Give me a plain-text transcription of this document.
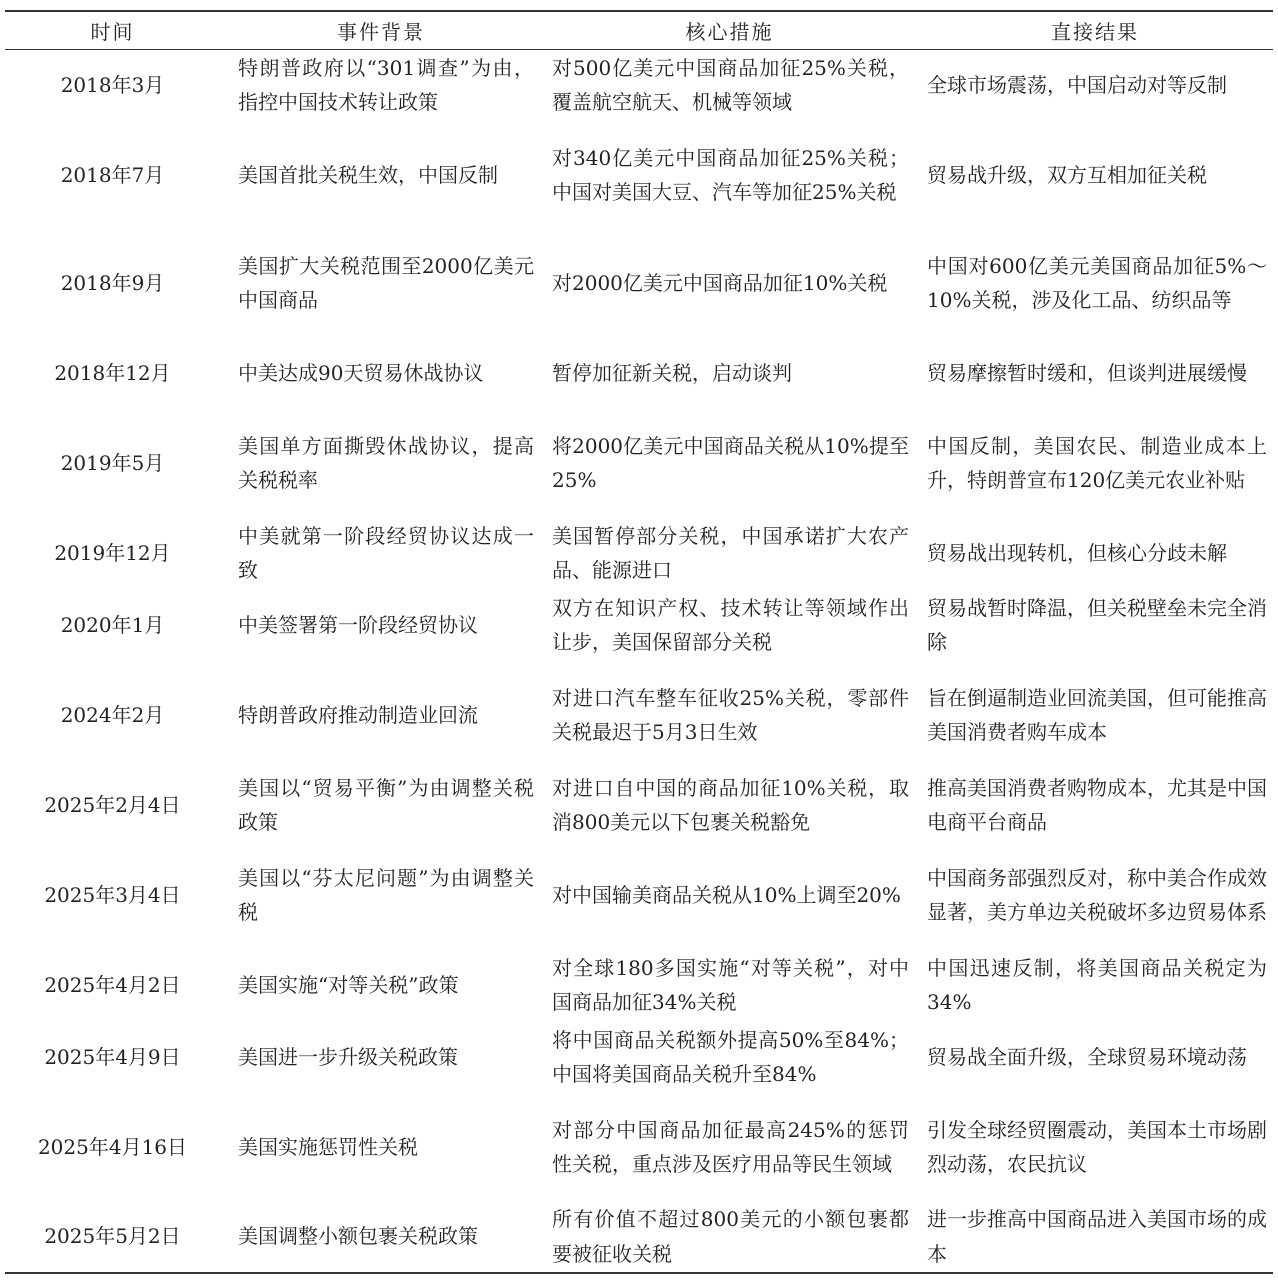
时间	事件背景	核心措施	直接结果
2018年3月	特朗普政府以“301调查”为由，指控中国技术转让政策	对500亿美元中国商品加征25%关税，覆盖航空航天、机械等领域	全球市场震荡，中国启动对等反制
2018年7月	美国首批关税生效，中国反制	对340亿美元中国商品加征25%关税；中国对美国大豆、汽车等加征25%关税	贸易战升级，双方互相加征关税
2018年9月	美国扩大关税范围至2000亿美元中国商品	对2000亿美元中国商品加征10%关税	中国对600亿美元美国商品加征5%～10%关税，涉及化工品、纺织品等
2018年12月	中美达成90天贸易休战协议	暂停加征新关税，启动谈判	贸易摩擦暂时缓和，但谈判进展缓慢
2019年5月	美国单方面撕毁休战协议，提高关税税率	将2000亿美元中国商品关税从10%提至25%	中国反制，美国农民、制造业成本上升，特朗普宣布120亿美元农业补贴
2019年12月	中美就第一阶段经贸协议达成一致	美国暂停部分关税，中国承诺扩大农产品、能源进口	贸易战出现转机，但核心分歧未解
2020年1月	中美签署第一阶段经贸协议	双方在知识产权、技术转让等领域作出让步，美国保留部分关税	贸易战暂时降温，但关税壁垒未完全消除
2024年2月	特朗普政府推动制造业回流	对进口汽车整车征收25%关税，零部件关税最迟于5月3日生效	旨在倒逼制造业回流美国，但可能推高美国消费者购车成本
2025年2月4日	美国以“贸易平衡”为由调整关税政策	对进口自中国的商品加征10%关税，取消800美元以下包裹关税豁免	推高美国消费者购物成本，尤其是中国电商平台商品
2025年3月4日	美国以“芬太尼问题”为由调整关税	对中国输美商品关税从10%上调至20%	中国商务部强烈反对，称中美合作成效显著，美方单边关税破坏多边贸易体系
2025年4月2日	美国实施“对等关税”政策	对全球180多国实施“对等关税”，对中国商品加征34%关税	中国迅速反制，将美国商品关税定为34%
2025年4月9日	美国进一步升级关税政策	将中国商品关税额外提高50%至84%；中国将美国商品关税升至84%	贸易战全面升级，全球贸易环境动荡
2025年4月16日	美国实施惩罚性关税	对部分中国商品加征最高245%的惩罚性关税，重点涉及医疗用品等民生领域	引发全球经贸圈震动，美国本土市场剧烈动荡，农民抗议
2025年5月2日	美国调整小额包裹关税政策	所有价值不超过800美元的小额包裹都要被征收关税	进一步推高中国商品进入美国市场的成本
